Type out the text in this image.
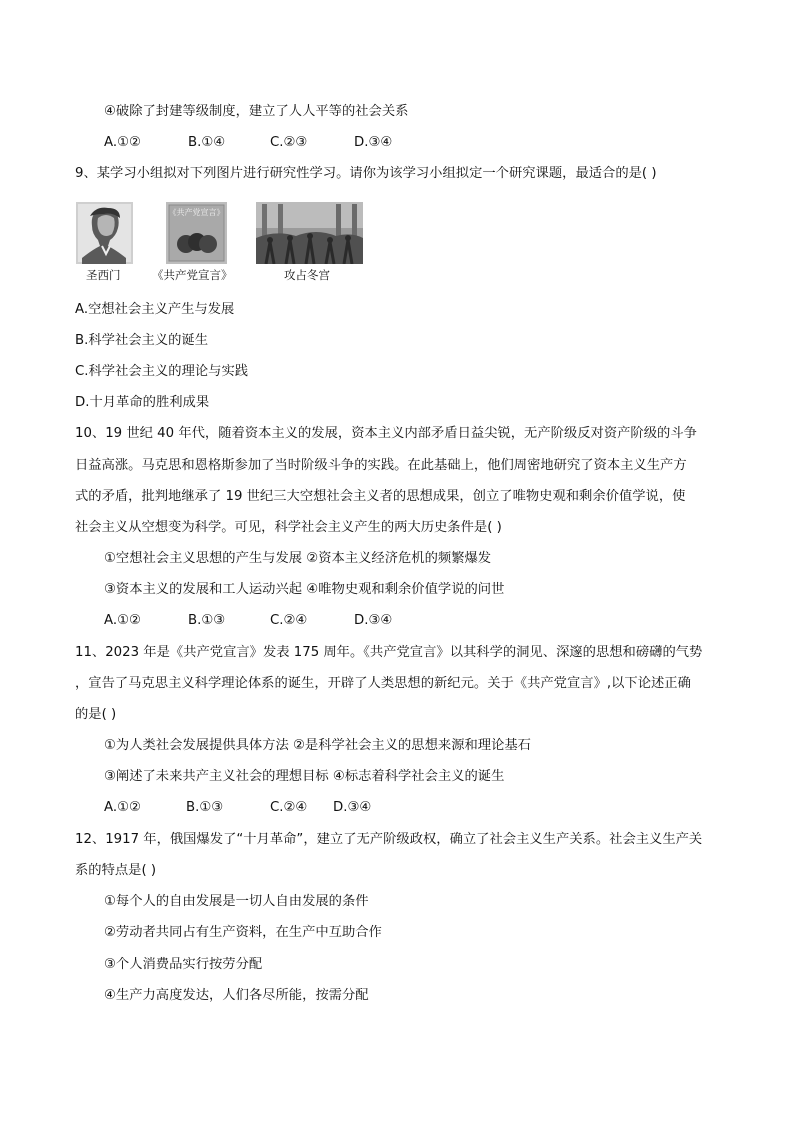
④破除了封建等级制度，建立了人人平等的社会关系

A.①②	B.①④	C.②③	D.③④

9、某学习小组拟对下列图片进行研究性学习。请你为该学习小组拟定一个研究课题，最适合的是( )

《共产党宣言》
圣西门	《共产党宣言》	攻占冬宫

A.空想社会主义产生与发展

B.科学社会主义的诞生

C.科学社会主义的理论与实践

D.十月革命的胜利成果

10、19 世纪 40 年代，随着资本主义的发展，资本主义内部矛盾日益尖锐，无产阶级反对资产阶级的斗争

日益高涨。马克思和恩格斯参加了当时阶级斗争的实践。在此基础上，他们周密地研究了资本主义生产方

式的矛盾，批判地继承了 19 世纪三大空想社会主义者的思想成果，创立了唯物史观和剩余价值学说，使

社会主义从空想变为科学。可见，科学社会主义产生的两大历史条件是( )

①空想社会主义思想的产生与发展 ②资本主义经济危机的频繁爆发

③资本主义的发展和工人运动兴起 ④唯物史观和剩余价值学说的问世

A.①②	B.①③	C.②④	D.③④

11、2023 年是《共产党宣言》发表 175 周年。《共产党宣言》以其科学的洞见、深邃的思想和磅礴的气势

，宣告了马克思主义科学理论体系的诞生，开辟了人类思想的新纪元。关于《共产党宣言》,以下论述正确

的是( )

①为人类社会发展提供具体方法 ②是科学社会主义的思想来源和理论基石

③阐述了未来共产主义社会的理想目标 ④标志着科学社会主义的诞生

A.①②	B.①③	C.②④ D.③④

12、1917 年，俄国爆发了“十月革命”，建立了无产阶级政权，确立了社会主义生产关系。社会主义生产关

系的特点是( )

①每个人的自由发展是一切人自由发展的条件

②劳动者共同占有生产资料，在生产中互助合作

③个人消费品实行按劳分配

④生产力高度发达，人们各尽所能，按需分配
